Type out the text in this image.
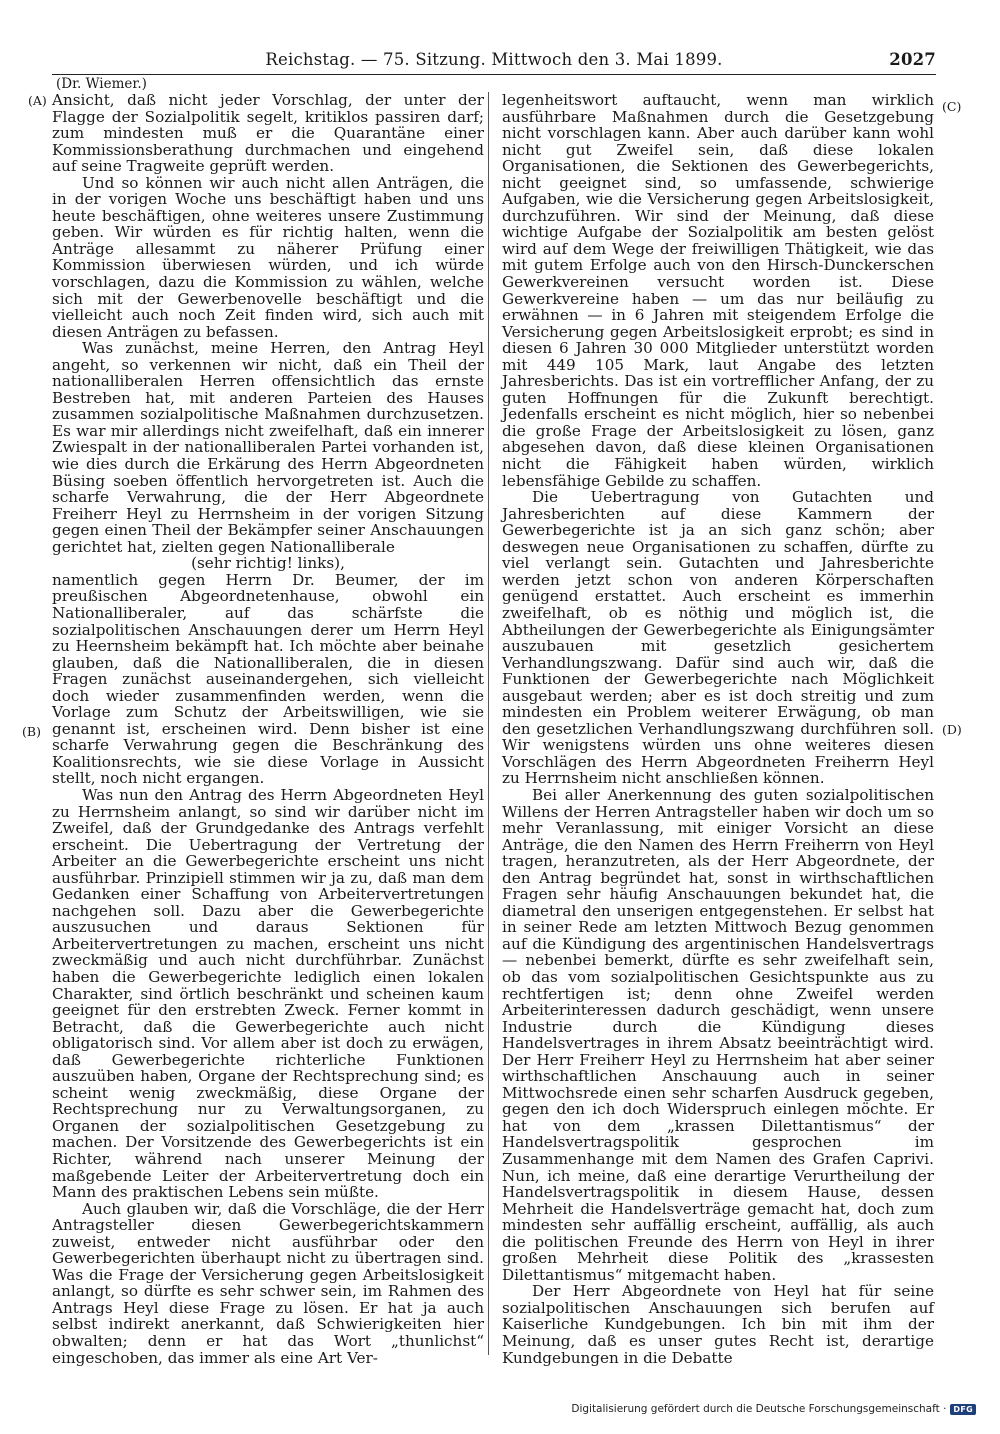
Reichstag. — 75. Sitzung. Mittwoch den 3. Mai 1899.	2027
(Dr. Wiemer.)
(A)
(B)
(C)
(D)

Ansicht, daß nicht jeder Vorschlag, der unter der Flagge der Sozialpolitik segelt, kritiklos passiren darf; zum mindesten muß er die Quarantäne einer Kommissionsberathung durchmachen und eingehend auf seine Tragweite geprüft werden.

Und so können wir auch nicht allen Anträgen, die in der vorigen Woche uns beschäftigt haben und uns heute beschäftigen, ohne weiteres unsere Zustimmung geben. Wir würden es für richtig halten, wenn die Anträge allesammt zu näherer Prüfung einer Kommission überwiesen würden, und ich würde vorschlagen, dazu die Kommission zu wählen, welche sich mit der Gewerbenovelle beschäftigt und die vielleicht auch noch Zeit finden wird, sich auch mit diesen Anträgen zu befassen.

Was zunächst, meine Herren, den Antrag Heyl angeht, so verkennen wir nicht, daß ein Theil der nationalliberalen Herren offensichtlich das ernste Bestreben hat, mit anderen Parteien des Hauses zusammen sozialpolitische Maßnahmen durchzusetzen. Es war mir allerdings nicht zweifelhaft, daß ein innerer Zwiespalt in der nationalliberalen Partei vorhanden ist, wie dies durch die Erkärung des Herrn Abgeordneten Büsing soeben öffentlich hervorgetreten ist. Auch die scharfe Verwahrung, die der Herr Abgeordnete Freiherr Heyl zu Herrnsheim in der vorigen Sitzung gegen einen Theil der Bekämpfer seiner Anschauungen gerichtet hat, zielten gegen Nationalliberale

(sehr richtig! links),

namentlich gegen Herrn Dr. Beumer, der im preußischen Abgeordnetenhause, obwohl ein Nationalliberaler, auf das schärfste die sozialpolitischen Anschauungen derer um Herrn Heyl zu Heernsheim bekämpft hat. Ich möchte aber beinahe glauben, daß die Nationalliberalen, die in diesen Fragen zunächst auseinandergehen, sich vielleicht doch wieder zusammenfinden werden, wenn die Vorlage zum Schutz der Arbeitswilligen, wie sie genannt ist, erscheinen wird. Denn bisher ist eine scharfe Verwahrung gegen die Beschränkung des Koalitionsrechts, wie sie diese Vorlage in Aussicht stellt, noch nicht ergangen.

Was nun den Antrag des Herrn Abgeordneten Heyl zu Herrnsheim anlangt, so sind wir darüber nicht im Zweifel, daß der Grundgedanke des Antrags verfehlt erscheint. Die Uebertragung der Vertretung der Arbeiter an die Gewerbegerichte erscheint uns nicht ausführbar. Prinzipiell stimmen wir ja zu, daß man dem Gedanken einer Schaffung von Arbeitervertretungen nachgehen soll. Dazu aber die Gewerbegerichte auszusuchen und daraus Sektionen für Arbeitervertretungen zu machen, erscheint uns nicht zweckmäßig und auch nicht durchführbar. Zunächst haben die Gewerbegerichte lediglich einen lokalen Charakter, sind örtlich beschränkt und scheinen kaum geeignet für den erstrebten Zweck. Ferner kommt in Betracht, daß die Gewerbegerichte auch nicht obligatorisch sind. Vor allem aber ist doch zu erwägen, daß Gewerbegerichte richterliche Funktionen auszuüben haben, Organe der Rechtsprechung sind; es scheint wenig zweckmäßig, diese Organe der Rechtsprechung nur zu Verwaltungsorganen, zu Organen der sozialpolitischen Gesetzgebung zu machen. Der Vorsitzende des Gewerbegerichts ist ein Richter, während nach unserer Meinung der maßgebende Leiter der Arbeitervertretung doch ein Mann des praktischen Lebens sein müßte.

Auch glauben wir, daß die Vorschläge, die der Herr Antragsteller diesen Gewerbegerichtskammern zuweist, entweder nicht ausführbar oder den Gewerbegerichten überhaupt nicht zu übertragen sind. Was die Frage der Versicherung gegen Arbeitslosigkeit anlangt, so dürfte es sehr schwer sein, im Rahmen des Antrags Heyl diese Frage zu lösen. Er hat ja auch selbst indirekt anerkannt, daß Schwierigkeiten hier obwalten; denn er hat das Wort „thunlichst“ eingeschoben, das immer als eine Art Ver-

legenheitswort auftaucht, wenn man wirklich ausführbare Maßnahmen durch die Gesetzgebung nicht vorschlagen kann. Aber auch darüber kann wohl nicht gut Zweifel sein, daß diese lokalen Organisationen, die Sektionen des Gewerbegerichts, nicht geeignet sind, so umfassende, schwierige Aufgaben, wie die Versicherung gegen Arbeitslosigkeit, durchzuführen. Wir sind der Meinung, daß diese wichtige Aufgabe der Sozialpolitik am besten gelöst wird auf dem Wege der freiwilligen Thätigkeit, wie das mit gutem Erfolge auch von den Hirsch-Dunckerschen Gewerkvereinen versucht worden ist. Diese Gewerkvereine haben — um das nur beiläufig zu erwähnen — in 6 Jahren mit steigendem Erfolge die Versicherung gegen Arbeitslosigkeit erprobt; es sind in diesen 6 Jahren 30 000 Mitglieder unterstützt worden mit 449 105 Mark, laut Angabe des letzten Jahresberichts. Das ist ein vortrefflicher Anfang, der zu guten Hoffnungen für die Zukunft berechtigt. Jedenfalls erscheint es nicht möglich, hier so nebenbei die große Frage der Arbeitslosigkeit zu lösen, ganz abgesehen davon, daß diese kleinen Organisationen nicht die Fähigkeit haben würden, wirklich lebensfähige Gebilde zu schaffen.

Die Uebertragung von Gutachten und Jahresberichten auf diese Kammern der Gewerbegerichte ist ja an sich ganz schön; aber deswegen neue Organisationen zu schaffen, dürfte zu viel verlangt sein. Gutachten und Jahresberichte werden jetzt schon von anderen Körperschaften genügend erstattet. Auch erscheint es immerhin zweifelhaft, ob es nöthig und möglich ist, die Abtheilungen der Gewerbegerichte als Einigungsämter auszubauen mit gesetzlich gesichertem Verhandlungszwang. Dafür sind auch wir, daß die Funktionen der Gewerbegerichte nach Möglichkeit ausgebaut werden; aber es ist doch streitig und zum mindesten ein Problem weiterer Erwägung, ob man den gesetzlichen Verhandlungszwang durchführen soll. Wir wenigstens würden uns ohne weiteres diesen Vorschlägen des Herrn Abgeordneten Freiherrn Heyl zu Herrnsheim nicht anschließen können.

Bei aller Anerkennung des guten sozialpolitischen Willens der Herren Antragsteller haben wir doch um so mehr Veranlassung, mit einiger Vorsicht an diese Anträge, die den Namen des Herrn Freiherrn von Heyl tragen, heranzutreten, als der Herr Abgeordnete, der den Antrag begründet hat, sonst in wirthschaftlichen Fragen sehr häufig Anschauungen bekundet hat, die diametral den unserigen entgegenstehen. Er selbst hat in seiner Rede am letzten Mittwoch Bezug genommen auf die Kündigung des argentinischen Handelsvertrags — nebenbei bemerkt, dürfte es sehr zweifelhaft sein, ob das vom sozialpolitischen Gesichtspunkte aus zu rechtfertigen ist; denn ohne Zweifel werden Arbeiterinteressen dadurch geschädigt, wenn unsere Industrie durch die Kündigung dieses Handelsvertrages in ihrem Absatz beeinträchtigt wird. Der Herr Freiherr Heyl zu Herrnsheim hat aber seiner wirthschaftlichen Anschauung auch in seiner Mittwochsrede einen sehr scharfen Ausdruck gegeben, gegen den ich doch Widerspruch einlegen möchte. Er hat von dem „krassen Dilettantismus“ der Handelsvertragspolitik gesprochen im Zusammenhange mit dem Namen des Grafen Caprivi. Nun, ich meine, daß eine derartige Verurtheilung der Handelsvertragspolitik in diesem Hause, dessen Mehrheit die Handelsverträge gemacht hat, doch zum mindesten sehr auffällig erscheint, auffällig, als auch die politischen Freunde des Herrn von Heyl in ihrer großen Mehrheit diese Politik des „krassesten Dilettantismus“ mitgemacht haben.

Der Herr Abgeordnete von Heyl hat für seine sozialpolitischen Anschauungen sich berufen auf Kaiserliche Kundgebungen. Ich bin mit ihm der Meinung, daß es unser gutes Recht ist, derartige Kundgebungen in die Debatte

Digitalisierung gefördert durch die Deutsche Forschungsgemeinschaft · DFG
